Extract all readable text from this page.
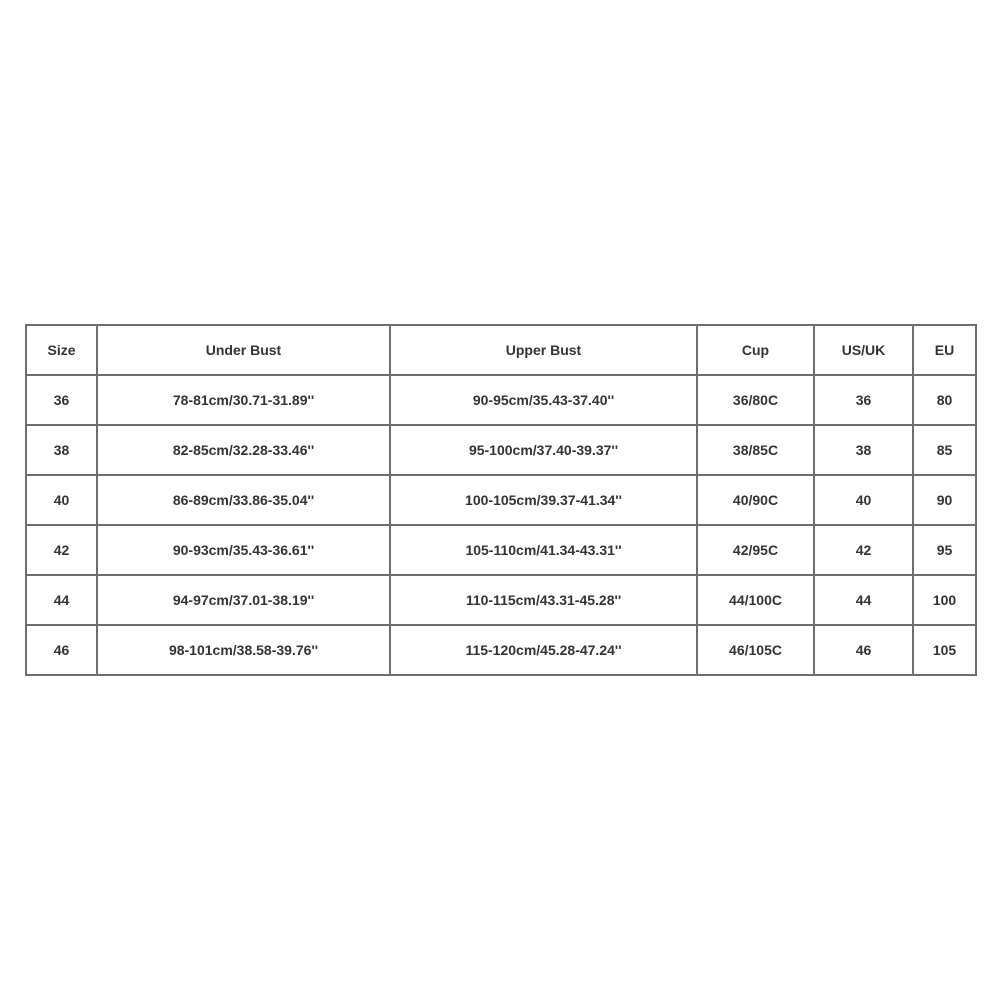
Size	Under Bust	Upper Bust	Cup	US/UK	EU
36	78-81cm/30.71-31.89''	90-95cm/35.43-37.40''	36/80C	36	80
38	82-85cm/32.28-33.46''	95-100cm/37.40-39.37''	38/85C	38	85
40	86-89cm/33.86-35.04''	100-105cm/39.37-41.34''	40/90C	40	90
42	90-93cm/35.43-36.61''	105-110cm/41.34-43.31''	42/95C	42	95
44	94-97cm/37.01-38.19''	110-115cm/43.31-45.28''	44/100C	44	100
46	98-101cm/38.58-39.76''	115-120cm/45.28-47.24''	46/105C	46	105
